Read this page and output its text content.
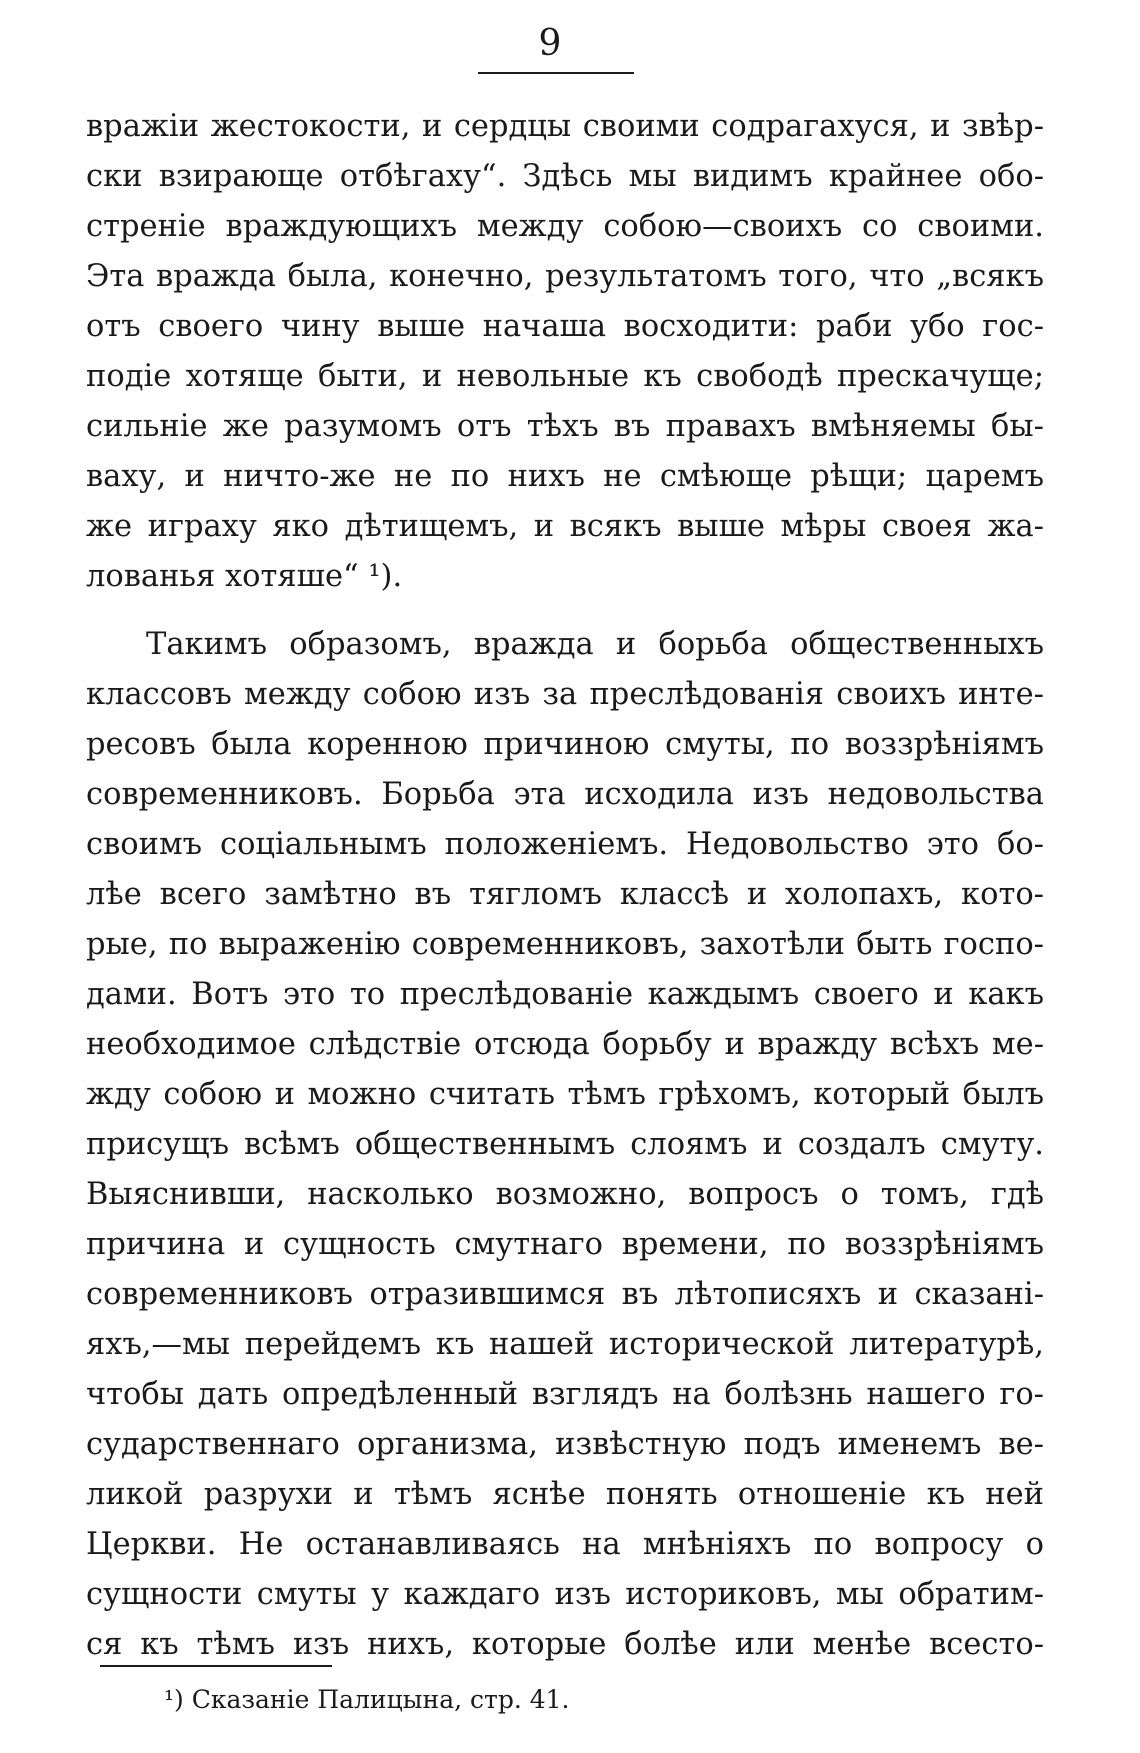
9
вражіи жестокости, и сердцы своими содрагахуся, и звѣр-
ски взирающе отбѣгаху“. Здѣсь мы видимъ крайнее обо-
стреніе враждующихъ между собою—своихъ со своими.
Эта вражда была, конечно, результатомъ того, что „всякъ
отъ своего чину выше начаша восходити: раби убо гос-
подіе хотяще быти, и невольные къ свободѣ прескачуще;
сильніе же разумомъ отъ тѣхъ въ правахъ вмѣняемы бы-
ваху, и ничто-же не по нихъ не смѣюще рѣщи; царемъ
же играху яко дѣтищемъ, и всякъ выше мѣры своея жа-
лованья хотяше“ ¹).
Такимъ образомъ, вражда и борьба общественныхъ
классовъ между собою изъ за преслѣдованія своихъ инте-
ресовъ была коренною причиною смуты, по воззрѣніямъ
современниковъ. Борьба эта исходила изъ недовольства
своимъ соціальнымъ положеніемъ. Недовольство это бо-
лѣе всего замѣтно въ тягломъ классѣ и холопахъ, кото-
рые, по выраженію современниковъ, захотѣли быть госпо-
дами. Вотъ это то преслѣдованіе каждымъ своего и какъ
необходимое слѣдствіе отсюда борьбу и вражду всѣхъ ме-
жду собою и можно считать тѣмъ грѣхомъ, который былъ
присущъ всѣмъ общественнымъ слоямъ и создалъ смуту.
Выяснивши, насколько возможно, вопросъ о томъ, гдѣ
причина и сущность смутнаго времени, по воззрѣніямъ
современниковъ отразившимся въ лѣтописяхъ и сказані-
яхъ,—мы перейдемъ къ нашей исторической литературѣ,
чтобы дать опредѣленный взглядъ на болѣзнь нашего го-
сударственнаго организма, извѣстную подъ именемъ ве-
ликой разрухи и тѣмъ яснѣе понять отношеніе къ ней
Церкви. Не останавливаясь на мнѣніяхъ по вопросу о
сущности смуты у каждаго изъ историковъ, мы обратим-
ся къ тѣмъ изъ нихъ, которые болѣе или менѣе всесто-
¹) Сказаніе Палицына, стр. 41.
